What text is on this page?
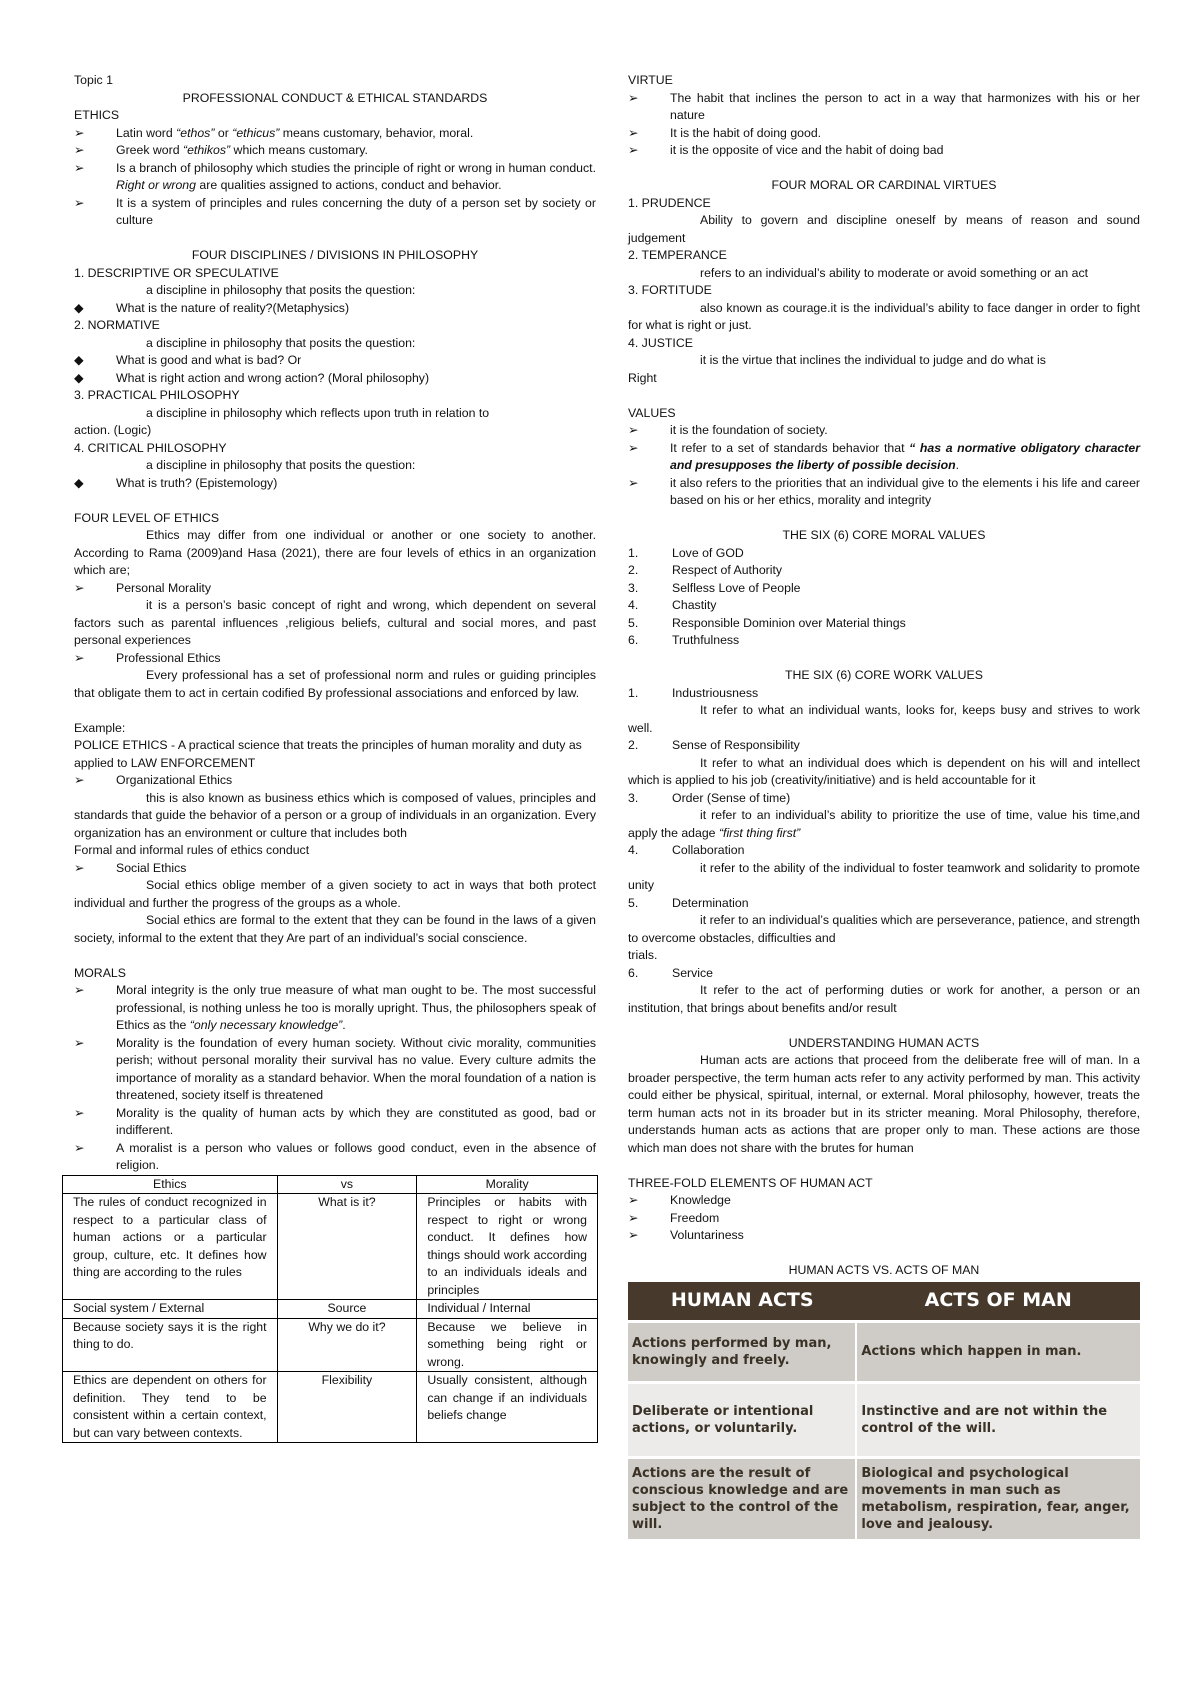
Topic 1

PROFESSIONAL CONDUCT & ETHICAL STANDARDS

ETHICS

➢	Latin word “ethos” or “ethicus” means customary, behavior, moral.
➢	Greek word “ethikos” which means customary.
➢	Is a branch of philosophy which studies the principle of right or wrong in human conduct. Right or wrong are qualities assigned to actions, conduct and behavior.
➢	It is a system of principles and rules concerning the duty of a person set by society or culture

FOUR DISCIPLINES / DIVISIONS IN PHILOSOPHY

1. DESCRIPTIVE OR SPECULATIVE

a discipline in philosophy that posits the question:

◆	What is the nature of reality?(Metaphysics)

2. NORMATIVE

a discipline in philosophy that posits the question:

◆	What is good and what is bad? Or
◆	What is right action and wrong action? (Moral philosophy)

3. PRACTICAL PHILOSOPHY

a discipline in philosophy which reflects upon truth in relation to

action. (Logic)

4. CRITICAL PHILOSOPHY

a discipline in philosophy that posits the question:

◆	What is truth? (Epistemology)

FOUR LEVEL OF ETHICS

Ethics may differ from one individual or another or one society to another. According to Rama (2009)and Hasa (2021), there are four levels of ethics in an organization which are;

➢	Personal Morality

it is a person’s basic concept of right and wrong, which dependent on several factors such as parental influences ,religious beliefs, cultural and social mores, and past personal experiences

➢	Professional Ethics

Every professional has a set of professional norm and rules or guiding principles that obligate them to act in certain codified By professional associations and enforced by law.

Example:

POLICE ETHICS - A practical science that treats the principles of human morality and duty as applied to LAW ENFORCEMENT

➢	Organizational Ethics

this is also known as business ethics which is composed of values, principles and standards that guide the behavior of a person or a group of individuals in an organization. Every organization has an environment or culture that includes both

Formal and informal rules of ethics conduct

➢	Social Ethics

Social ethics oblige member of a given society to act in ways that both protect individual and further the progress of the groups as a whole.

Social ethics are formal to the extent that they can be found in the laws of a given society, informal to the extent that they Are part of an individual’s social conscience.

MORALS

➢	Moral integrity is the only true measure of what man ought to be. The most successful professional, is nothing unless he too is morally upright. Thus, the philosophers speak of Ethics as the “only necessary knowledge”.
➢	Morality is the foundation of every human society. Without civic morality, communities perish; without personal morality their survival has no value. Every culture admits the importance of morality as a standard behavior. When the moral foundation of a nation is threatened, society itself is threatened
➢	Morality is the quality of human acts by which they are constituted as good, bad or indifferent.
➢	A moralist is a person who values or follows good conduct, even in the absence of religion.
Ethics	vs	Morality
The rules of conduct recognized in respect to a particular class of human actions or a particular group, culture, etc. It defines how thing are according to the rules	What is it?	Principles or habits with respect to right or wrong conduct. It defines how things should work according to an individuals ideals and principles
Social system / External	Source	Individual / Internal
Because society says it is the right thing to do.	Why we do it?	Because we believe in something being right or wrong.
Ethics are dependent on others for definition. They tend to be consistent within a certain context, but can vary between contexts.	Flexibility	Usually consistent, although can change if an individuals beliefs change

VIRTUE

➢	The habit that inclines the person to act in a way that harmonizes with his or her nature
➢	It is the habit of doing good.
➢	it is the opposite of vice and the habit of doing bad

FOUR MORAL OR CARDINAL VIRTUES

1. PRUDENCE

Ability to govern and discipline oneself by means of reason and sound judgement

2. TEMPERANCE

refers to an individual’s ability to moderate or avoid something or an act

3. FORTITUDE

also known as courage.it is the individual’s ability to face danger in order to fight for what is right or just.

4. JUSTICE

it is the virtue that inclines the individual to judge and do what is

Right

VALUES

➢	it is the foundation of society.
➢	It refer to a set of standards behavior that “ has a normative obligatory character and presupposes the liberty of possible decision.
➢	it also refers to the priorities that an individual give to the elements i his life and career based on his or her ethics, morality and integrity

THE SIX (6) CORE MORAL VALUES

1.	Love of GOD
2.	Respect of Authority
3.	Selfless Love of People
4.	Chastity
5.	Responsible Dominion over Material things
6.	Truthfulness

THE SIX (6) CORE WORK VALUES

1.	Industriousness

It refer to what an individual wants, looks for, keeps busy and strives to work well.

2.	Sense of Responsibility

It refer to what an individual does which is dependent on his will and intellect which is applied to his job (creativity/initiative) and is held accountable for it

3.	Order (Sense of time)

it refer to an individual’s ability to prioritize the use of time, value his time,and apply the adage “first thing first”

4.	Collaboration

it refer to the ability of the individual to foster teamwork and solidarity to promote unity

5.	Determination

it refer to an individual’s qualities which are perseverance, patience, and strength to overcome obstacles, difficulties and

trials.

6.	Service

It refer to the act of performing duties or work for another, a person or an institution, that brings about benefits and/or result

UNDERSTANDING HUMAN ACTS

Human acts are actions that proceed from the deliberate free will of man. In a broader perspective, the term human acts refer to any activity performed by man. This activity could either be physical, spiritual, internal, or external. Moral philosophy, however, treats the term human acts not in its broader but in its stricter meaning. Moral Philosophy, therefore, understands human acts as actions that are proper only to man. These actions are those which man does not share with the brutes for human

THREE-FOLD ELEMENTS OF HUMAN ACT

➢	Knowledge
➢	Freedom
➢	Voluntariness

HUMAN ACTS VS. ACTS OF MAN

HUMAN ACTS	ACTS OF MAN
Actions performed by man, knowingly and freely.	Actions which happen in man.
Deliberate or intentional actions, or voluntarily.	Instinctive and are not within the control of the will.
Actions are the result of conscious knowledge and are subject to the control of the will.	Biological and psychological movements in man such as metabolism, respiration, fear, anger, love and jealousy.
